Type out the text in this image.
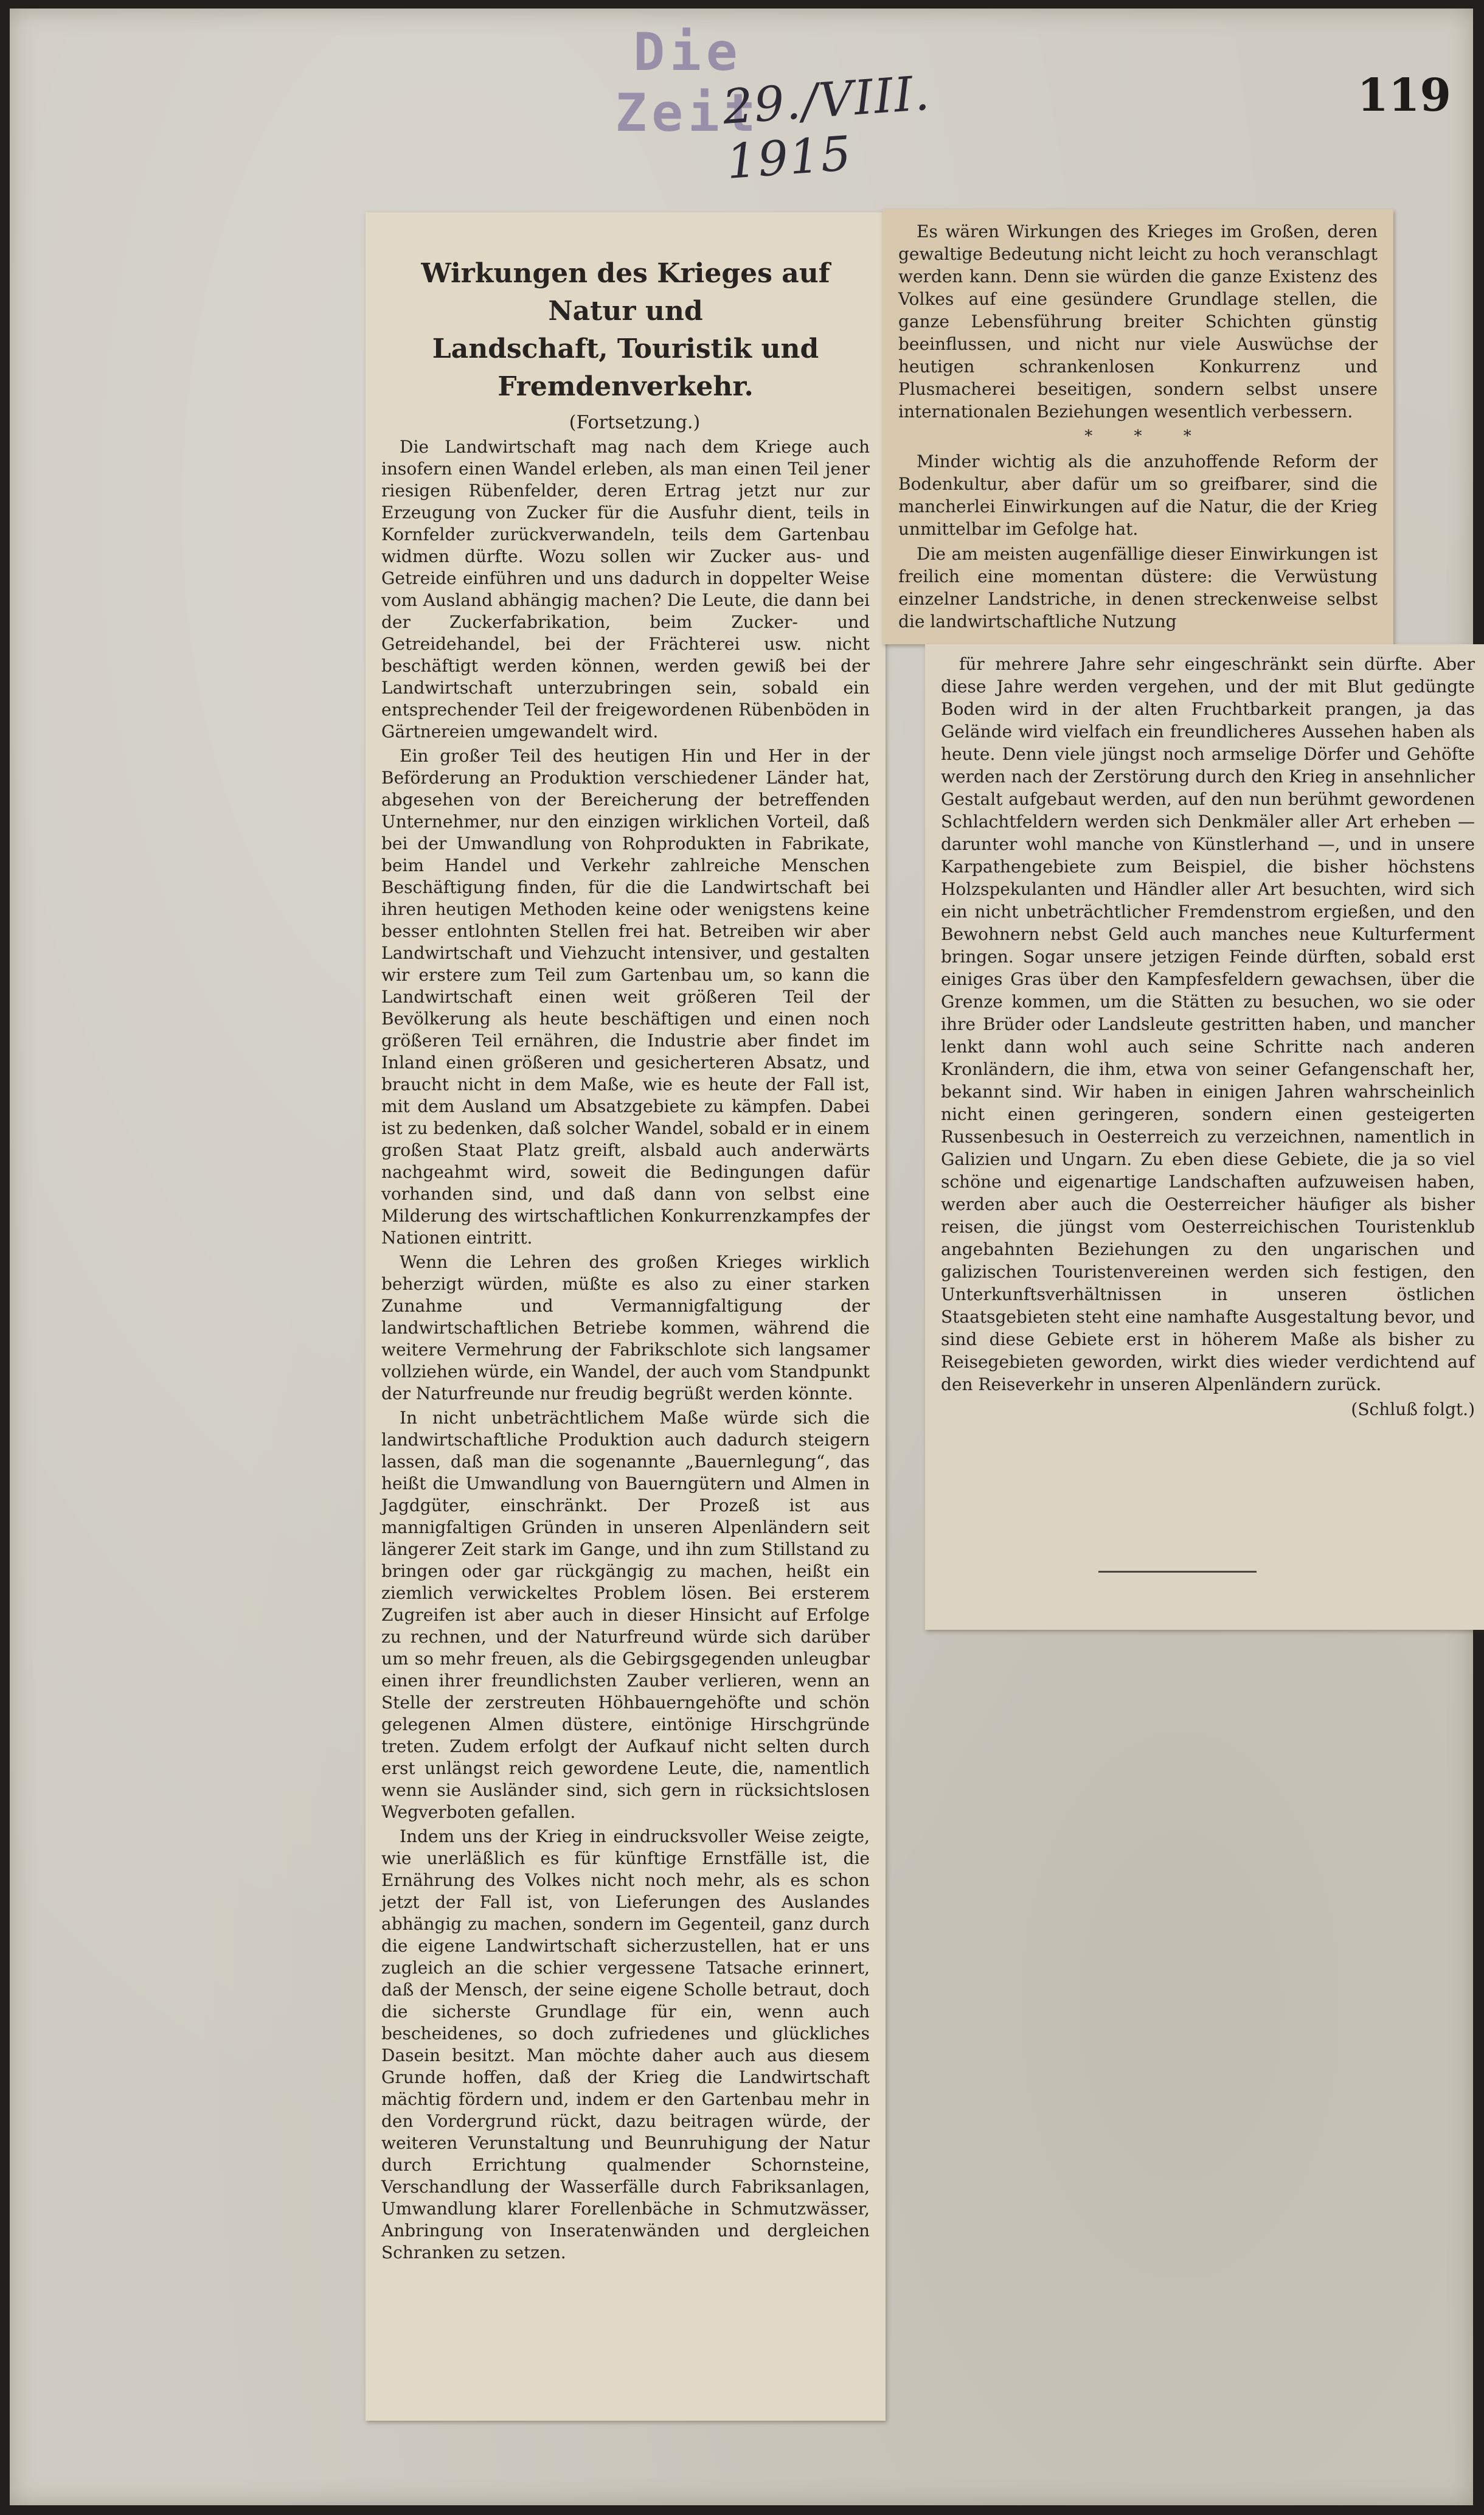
Die Zeit
29./VIII. 1915
119
Wirkungen des Krieges auf Natur und
Landschaft, Touristik und Fremdenverkehr.

(Fortsetzung.)

Die Landwirtschaft mag nach dem Kriege auch insofern einen Wandel erleben, als man einen Teil jener riesigen Rübenfelder, deren Ertrag jetzt nur zur Erzeugung von Zucker für die Ausfuhr dient, teils in Kornfelder zurückverwandeln, teils dem Gartenbau widmen dürfte. Wozu sollen wir Zucker aus- und Getreide einführen und uns dadurch in doppelter Weise vom Ausland abhängig machen? Die Leute, die dann bei der Zuckerfabrikation, beim Zucker- und Getreidehandel, bei der Frächterei usw. nicht beschäftigt werden können, werden gewiß bei der Landwirtschaft unterzubringen sein, sobald ein entsprechender Teil der freigewordenen Rübenböden in Gärtnereien umgewandelt wird.

Ein großer Teil des heutigen Hin und Her in der Beförderung an Produktion verschiedener Länder hat, abgesehen von der Bereicherung der betreffenden Unternehmer, nur den einzigen wirklichen Vorteil, daß bei der Umwandlung von Rohprodukten in Fabrikate, beim Handel und Verkehr zahlreiche Menschen Beschäftigung finden, für die die Landwirtschaft bei ihren heutigen Methoden keine oder wenigstens keine besser entlohnten Stellen frei hat. Betreiben wir aber Landwirtschaft und Viehzucht intensiver, und gestalten wir erstere zum Teil zum Gartenbau um, so kann die Landwirtschaft einen weit größeren Teil der Bevölkerung als heute beschäftigen und einen noch größeren Teil ernähren, die Industrie aber findet im Inland einen größeren und gesicherteren Absatz, und braucht nicht in dem Maße, wie es heute der Fall ist, mit dem Ausland um Absatzgebiete zu kämpfen. Dabei ist zu bedenken, daß solcher Wandel, sobald er in einem großen Staat Platz greift, alsbald auch anderwärts nachgeahmt wird, soweit die Bedingungen dafür vorhanden sind, und daß dann von selbst eine Milderung des wirtschaftlichen Konkurrenzkampfes der Nationen eintritt.

Wenn die Lehren des großen Krieges wirklich beherzigt würden, müßte es also zu einer starken Zunahme und Vermannigfaltigung der landwirtschaftlichen Betriebe kommen, während die weitere Vermehrung der Fabrikschlote sich langsamer vollziehen würde, ein Wandel, der auch vom Standpunkt der Naturfreunde nur freudig begrüßt werden könnte.

In nicht unbeträchtlichem Maße würde sich die landwirtschaftliche Produktion auch dadurch steigern lassen, daß man die sogenannte „Bauernlegung“, das heißt die Umwandlung von Bauerngütern und Almen in Jagdgüter, einschränkt. Der Prozeß ist aus mannigfaltigen Gründen in unseren Alpenländern seit längerer Zeit stark im Gange, und ihn zum Stillstand zu bringen oder gar rückgängig zu machen, heißt ein ziemlich verwickeltes Problem lösen. Bei ersterem Zugreifen ist aber auch in dieser Hinsicht auf Erfolge zu rechnen, und der Naturfreund würde sich darüber um so mehr freuen, als die Gebirgsgegenden unleugbar einen ihrer freundlichsten Zauber verlieren, wenn an Stelle der zerstreuten Höhbauerngehöfte und schön gelegenen Almen düstere, eintönige Hirschgründe treten. Zudem erfolgt der Aufkauf nicht selten durch erst unlängst reich gewordene Leute, die, namentlich wenn sie Ausländer sind, sich gern in rücksichtslosen Wegverboten gefallen.

Indem uns der Krieg in eindrucksvoller Weise zeigte, wie unerläßlich es für künftige Ernstfälle ist, die Ernährung des Volkes nicht noch mehr, als es schon jetzt der Fall ist, von Lieferungen des Auslandes abhängig zu machen, sondern im Gegenteil, ganz durch die eigene Landwirtschaft sicherzustellen, hat er uns zugleich an die schier vergessene Tatsache erinnert, daß der Mensch, der seine eigene Scholle betraut, doch die sicherste Grundlage für ein, wenn auch bescheidenes, so doch zufriedenes und glückliches Dasein besitzt. Man möchte daher auch aus diesem Grunde hoffen, daß der Krieg die Landwirtschaft mächtig fördern und, indem er den Gartenbau mehr in den Vordergrund rückt, dazu beitragen würde, der weiteren Verunstaltung und Beunruhigung der Natur durch Errichtung qualmender Schornsteine, Verschandlung der Wasserfälle durch Fabriksanlagen, Umwandlung klarer Forellenbäche in Schmutzwässer, Anbringung von Inseratenwänden und dergleichen Schranken zu setzen.

Es wären Wirkungen des Krieges im Großen, deren gewaltige Bedeutung nicht leicht zu hoch veranschlagt werden kann. Denn sie würden die ganze Existenz des Volkes auf eine gesündere Grundlage stellen, die ganze Lebensführung breiter Schichten günstig beeinflussen, und nicht nur viele Auswüchse der heutigen schrankenlosen Konkurrenz und Plusmacherei beseitigen, sondern selbst unsere internationalen Beziehungen wesentlich verbessern.

* * *

Minder wichtig als die anzuhoffende Reform der Bodenkultur, aber dafür um so greifbarer, sind die mancherlei Einwirkungen auf die Natur, die der Krieg unmittelbar im Gefolge hat.

Die am meisten augenfällige dieser Einwirkungen ist freilich eine momentan düstere: die Verwüstung einzelner Landstriche, in denen streckenweise selbst die landwirtschaftliche Nutzung

für mehrere Jahre sehr eingeschränkt sein dürfte. Aber diese Jahre werden vergehen, und der mit Blut gedüngte Boden wird in der alten Fruchtbarkeit prangen, ja das Gelände wird vielfach ein freundlicheres Aussehen haben als heute. Denn viele jüngst noch armselige Dörfer und Gehöfte werden nach der Zerstörung durch den Krieg in ansehnlicher Gestalt aufgebaut werden, auf den nun berühmt gewordenen Schlachtfeldern werden sich Denkmäler aller Art erheben — darunter wohl manche von Künstlerhand —, und in unsere Karpathengebiete zum Beispiel, die bisher höchstens Holzspekulanten und Händler aller Art besuchten, wird sich ein nicht unbeträchtlicher Fremdenstrom ergießen, und den Bewohnern nebst Geld auch manches neue Kulturferment bringen. Sogar unsere jetzigen Feinde dürften, sobald erst einiges Gras über den Kampfesfeldern gewachsen, über die Grenze kommen, um die Stätten zu besuchen, wo sie oder ihre Brüder oder Landsleute gestritten haben, und mancher lenkt dann wohl auch seine Schritte nach anderen Kronländern, die ihm, etwa von seiner Gefangenschaft her, bekannt sind. Wir haben in einigen Jahren wahrscheinlich nicht einen geringeren, sondern einen gesteigerten Russenbesuch in Oesterreich zu verzeichnen, namentlich in Galizien und Ungarn. Zu eben diese Gebiete, die ja so viel schöne und eigenartige Landschaften aufzuweisen haben, werden aber auch die Oesterreicher häufiger als bisher reisen, die jüngst vom Oesterreichischen Touristenklub angebahnten Beziehungen zu den ungarischen und galizischen Touristenvereinen werden sich festigen, den Unterkunftsverhältnissen in unseren östlichen Staatsgebieten steht eine namhafte Ausgestaltung bevor, und sind diese Gebiete erst in höherem Maße als bisher zu Reisegebieten geworden, wirkt dies wieder verdichtend auf den Reiseverkehr in unseren Alpenländern zurück.

(Schluß folgt.)
